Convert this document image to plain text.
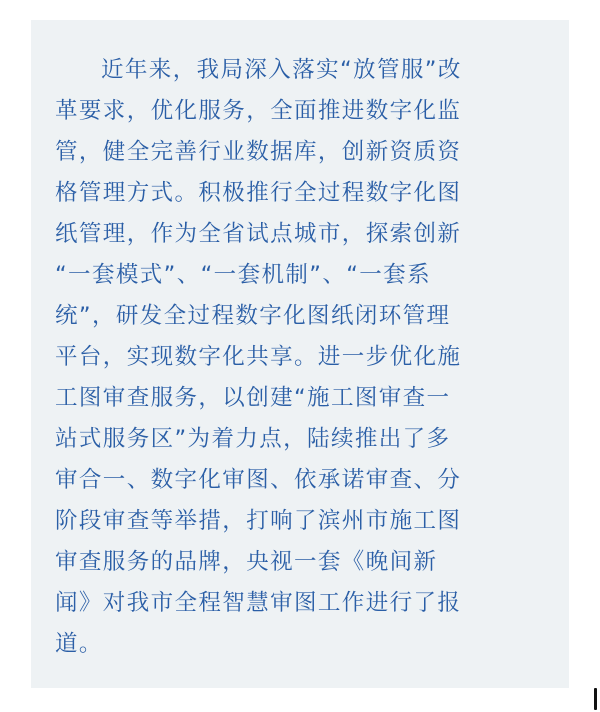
近年来，我局深入落实“放管服”改
革要求，优化服务，全面推进数字化监
管，健全完善行业数据库，创新资质资
格管理方式。积极推行全过程数字化图
纸管理，作为全省试点城市，探索创新
“一套模式”、“一套机制”、“一套系
统”，研发全过程数字化图纸闭环管理
平台，实现数字化共享。进一步优化施
工图审查服务，以创建“施工图审查一
站式服务区”为着力点，陆续推出了多
审合一、数字化审图、依承诺审查、分
阶段审查等举措，打响了滨州市施工图
审查服务的品牌，央视一套《晚间新
闻》对我市全程智慧审图工作进行了报
道。
